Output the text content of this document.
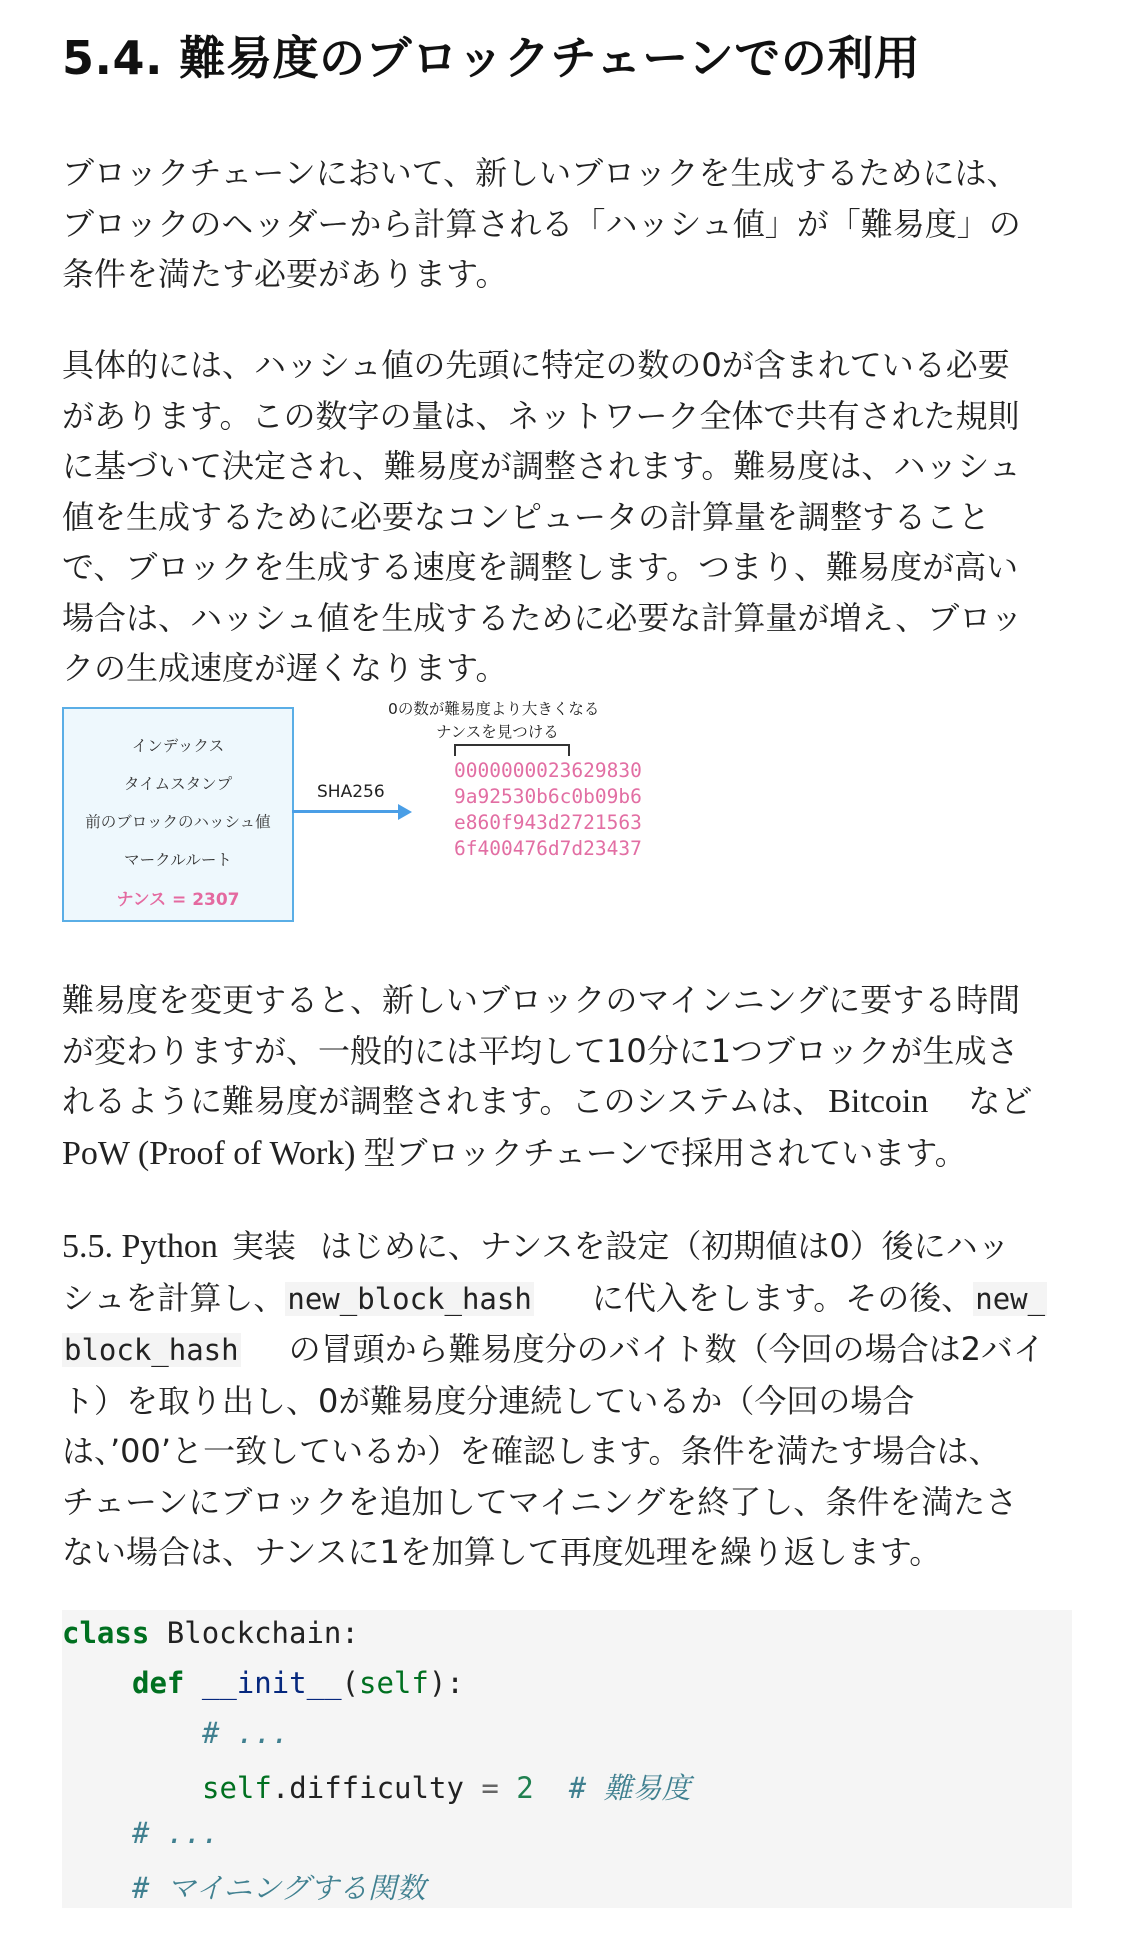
5.4. 難易度のブロックチェーンでの利用
ブロックチェーンにおいて、新しいブロックを生成するためには、
ブロックのヘッダーから計算される「ハッシュ値」が「難易度」の
条件を満たす必要があります。
具体的には、ハッシュ値の先頭に特定の数の0が含まれている必要
があります。この数字の量は、ネットワーク全体で共有された規則
に基づいて決定され、難易度が調整されます。難易度は、ハッシュ
値を生成するために必要なコンピュータの計算量を調整すること
で、ブロックを生成する速度を調整します。つまり、難易度が高い
場合は、ハッシュ値を生成するために必要な計算量が増え、ブロッ
クの生成速度が遅くなります。
インデックス
タイムスタンプ
前のブロックのハッシュ値
マークルルート
ナンス = 2307
SHA256
0の数が難易度より大きくなる
ナンスを見つける
0000000023629830
9a92530b6c0b09b6
e860f943d2721563
6f400476d7d23437
難易度を変更すると、新しいブロックのマインニングに要する時間
が変わりますが、一般的には平均して10分に1つブロックが生成さ
れるように難易度が調整されます。このシステムは、 Bitcoin など
PoW (Proof of Work) 型ブロックチェーンで採用されています。
5.5. Python 実装 はじめに、ナンスを設定（初期値は0）後にハッ
シュを計算し、new_block_hash に代入をします。その後、new_
block_hash の冒頭から難易度分のバイト数（今回の場合は2バイ
ト）を取り出し、0が難易度分連続しているか（今回の場合
は、’00’と一致しているか）を確認します。条件を満たす場合は、
チェーンにブロックを追加してマイニングを終了し、条件を満たさ
ない場合は、ナンスに1を加算して再度処理を繰り返します。
class Blockchain:
def __init__(self):
# ...
self.difficulty = 2 # 難易度
# ...
# マイニングする関数
